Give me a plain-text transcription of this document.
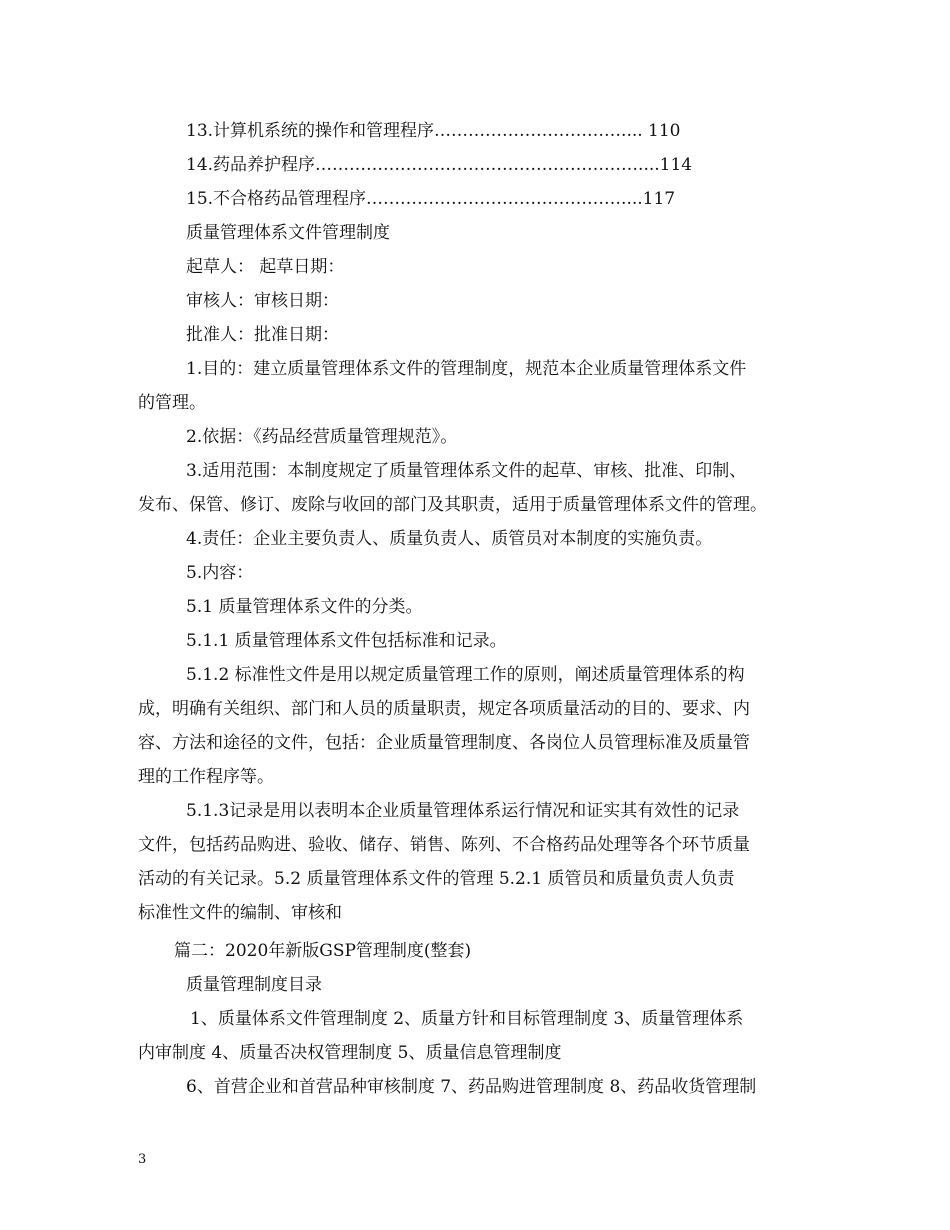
13.计算机系统的操作和管理程序…………………………….... 110
14.药品养护程序…………………………………………………....114
15.不合格药品管理程序………………………………………....117
质量管理体系文件管理制度
起草人： 起草日期：
审核人：审核日期：
批准人：批准日期：
1.目的：建立质量管理体系文件的管理制度，规范本企业质量管理体系文件
的管理。
2.依据：《药品经营质量管理规范》。
3.适用范围：本制度规定了质量管理体系文件的起草、审核、批准、印制、
发布、保管、修订、废除与收回的部门及其职责，适用于质量管理体系文件的管理。
4.责任：企业主要负责人、质量负责人、质管员对本制度的实施负责。
5.内容：
5.1 质量管理体系文件的分类。
5.1.1 质量管理体系文件包括标准和记录。
5.1.2 标准性文件是用以规定质量管理工作的原则，阐述质量管理体系的构
成，明确有关组织、部门和人员的质量职责，规定各项质量活动的目的、要求、内
容、方法和途径的文件，包括：企业质量管理制度、各岗位人员管理标准及质量管
理的工作程序等。
5.1.3记录是用以表明本企业质量管理体系运行情况和证实其有效性的记录
文件，包括药品购进、验收、储存、销售、陈列、不合格药品处理等各个环节质量
活动的有关记录。5.2 质量管理体系文件的管理 5.2.1 质管员和质量负责人负责
标准性文件的编制、审核和
篇二：2020年新版GSP管理制度(整套)
质量管理制度目录
1、质量体系文件管理制度 2、质量方针和目标管理制度 3、质量管理体系
内审制度 4、质量否决权管理制度 5、质量信息管理制度
6、首营企业和首营品种审核制度 7、药品购进管理制度 8、药品收货管理制
3
